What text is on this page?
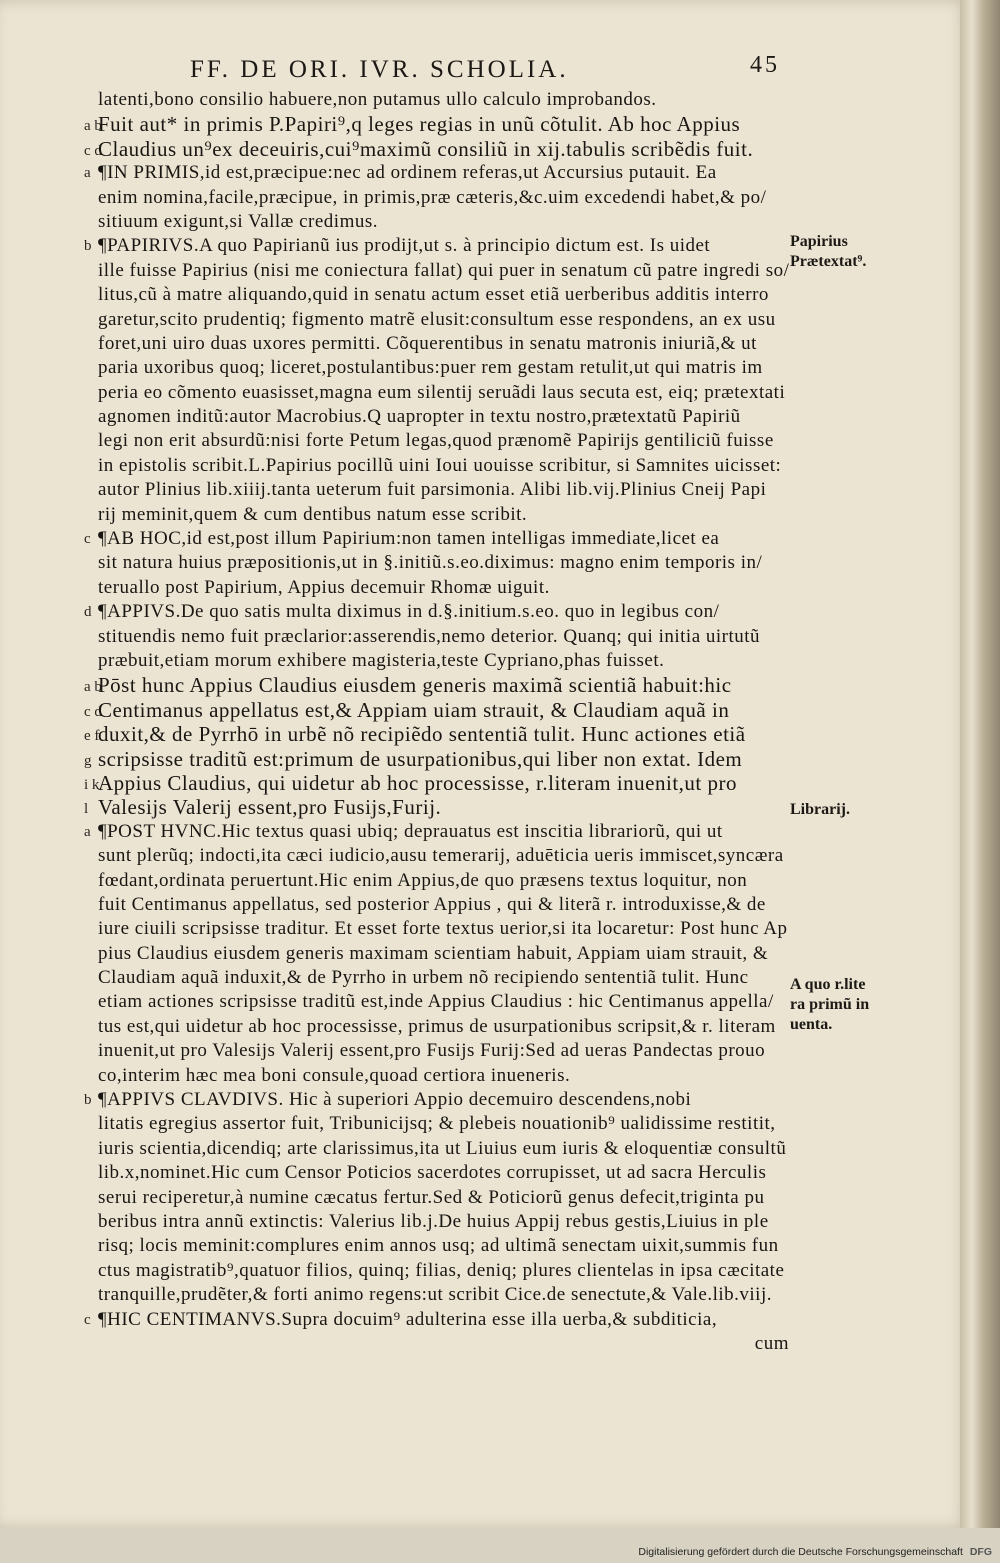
FF. DE ORI. IVR. SCHOLIA.	45
latenti,bono consilio habuere,non putamus ullo calculo improbandos.
a bFuit aut* in primis P.Papiri⁹,q leges regias in unũ cõtulit. Ab hoc Appius
c dClaudius un⁹ex deceuiris,cui⁹maximũ consiliũ in xij.tabulis scribẽdis fuit.
a ¶IN PRIMIS,id est,præcipue:nec ad ordinem referas,ut Accursius putauit. Ea
enim nomina,facile,præcipue, in primis,præ cæteris,&c.uim excedendi habet,& po/
sitiuum exigunt,si Vallæ credimus.
b ¶PAPIRIVS.A quo Papirianũ ius prodijt,ut s. à principio dictum est. Is uidet
ille fuisse Papirius (nisi me coniectura fallat) qui puer in senatum cũ patre ingredi so/
litus,cũ à matre aliquando,quid in senatu actum esset etiã uerberibus additis interro
garetur,scito prudentiq; figmento matrẽ elusit:consultum esse respondens, an ex usu
foret,uni uiro duas uxores permitti. Cõquerentibus in senatu matronis iniuriã,& ut
paria uxoribus quoq; liceret,postulantibus:puer rem gestam retulit,ut qui matris im
peria eo cõmento euasisset,magna eum silentij seruãdi laus secuta est, eiq; prætextati
agnomen inditũ:autor Macrobius.Q uapropter in textu nostro,prætextatũ Papiriũ
legi non erit absurdũ:nisi forte Petum legas,quod prænomẽ Papirijs gentiliciũ fuisse
in epistolis scribit.L.Papirius pocillũ uini Ioui uouisse scribitur, si Samnites uicisset:
autor Plinius lib.xiiij.tanta ueterum fuit parsimonia. Alibi lib.vij.Plinius Cneij Papi
rij meminit,quem & cum dentibus natum esse scribit.
c ¶AB HOC,id est,post illum Papirium:non tamen intelligas immediate,licet ea
sit natura huius præpositionis,ut in §.initiũ.s.eo.diximus: magno enim temporis in/
teruallo post Papirium, Appius decemuir Rhomæ uiguit.
d ¶APPIVS.De quo satis multa diximus in d.§.initium.s.eo. quo in legibus con/
stituendis nemo fuit præclarior:asserendis,nemo deterior. Quanq; qui initia uirtutũ
præbuit,etiam morum exhibere magisteria,teste Cypriano,phas fuisset.
a bPōst hunc Appius Claudius eiusdem generis maximã scientiã habuit:hic
c dCentimanus appellatus est,& Appiam uiam strauit, & Claudiam aquã in
e fduxit,& de Pyrrhō in urbẽ nõ recipiẽdo sententiã tulit. Hunc actiones etiã
g scripsisse traditũ est:primum de usurpationibus,qui liber non extat. Idem
i kAppius Claudius, qui uidetur ab hoc processisse, r.literam inuenit,ut pro
l Valesijs Valerij essent,pro Fusijs,Furij.
a ¶POST HVNC.Hic textus quasi ubiq; deprauatus est inscitia librariorũ, qui ut
sunt plerũq; indocti,ita cæci iudicio,ausu temerarij, aduēticia ueris immiscet,syncæra
fœdant,ordinata peruertunt.Hic enim Appius,de quo præsens textus loquitur, non
fuit Centimanus appellatus, sed posterior Appius , qui & literã r. introduxisse,& de
iure ciuili scripsisse traditur. Et esset forte textus uerior,si ita locaretur: Post hunc Ap
pius Claudius eiusdem generis maximam scientiam habuit, Appiam uiam strauit, &
Claudiam aquã induxit,& de Pyrrho in urbem nõ recipiendo sententiã tulit. Hunc
etiam actiones scripsisse traditũ est,inde Appius Claudius : hic Centimanus appella/
tus est,qui uidetur ab hoc processisse, primus de usurpationibus scripsit,& r. literam
inuenit,ut pro Valesijs Valerij essent,pro Fusijs Furij:Sed ad ueras Pandectas prouo
co,interim hæc mea boni consule,quoad certiora inueneris.
b ¶APPIVS CLAVDIVS. Hic à superiori Appio decemuiro descendens,nobi
litatis egregius assertor fuit, Tribunicijsq; & plebeis nouationib⁹ ualidissime restitit,
iuris scientia,dicendiq; arte clarissimus,ita ut Liuius eum iuris & eloquentiæ consultũ
lib.x,nominet.Hic cum Censor Poticios sacerdotes corrupisset, ut ad sacra Herculis
serui reciperetur,à numine cæcatus fertur.Sed & Poticiorũ genus defecit,triginta pu
beribus intra annũ extinctis: Valerius lib.j.De huius Appij rebus gestis,Liuius in ple
risq; locis meminit:complures enim annos usq; ad ultimã senectam uixit,summis fun
ctus magistratib⁹,quatuor filios, quinq; filias, deniq; plures clientelas in ipsa cæcitate
tranquille,prudẽter,& forti animo regens:ut scribit Cice.de senectute,& Vale.lib.viij.
c ¶HIC CENTIMANVS.Supra docuim⁹ adulterina esse illa uerba,& subditicia,
cum
Papirius
Prætextat⁹.
Librarij.
A quo r.lite
ra primũ in
uenta.
Digitalisierung gefördert durch die Deutsche Forschungsgemeinschaft DFG
